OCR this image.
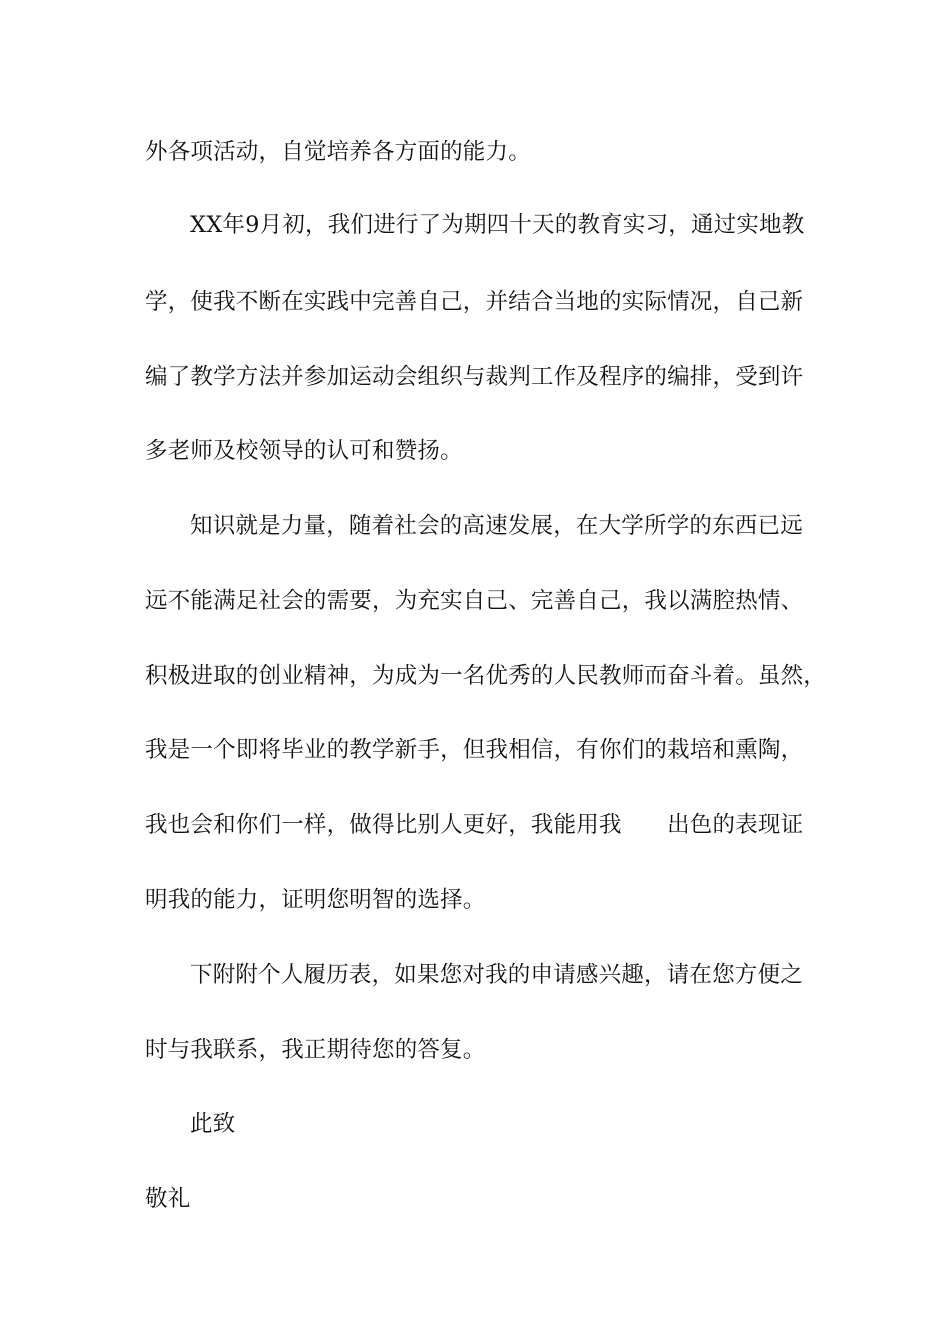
外各项活动，自觉培养各方面的能力。
XX年9月初，我们进行了为期四十天的教育实习，通过实地教
学，使我不断在实践中完善自己，并结合当地的实际情况，自己新
编了教学方法并参加运动会组织与裁判工作及程序的编排，受到许
多老师及校领导的认可和赞扬。
知识就是力量，随着社会的高速发展，在大学所学的东西已远
远不能满足社会的需要，为充实自己、完善自己，我以满腔热情、
积极进取的创业精神，为成为一名优秀的人民教师而奋斗着。虽然，
我是一个即将毕业的教学新手，但我相信，有你们的栽培和熏陶，
我也会和你们一样，做得比别人更好，我能用我　　出色的表现证
明我的能力，证明您明智的选择。
下附附个人履历表，如果您对我的申请感兴趣，请在您方便之
时与我联系，我正期待您的答复。
此致
敬礼
